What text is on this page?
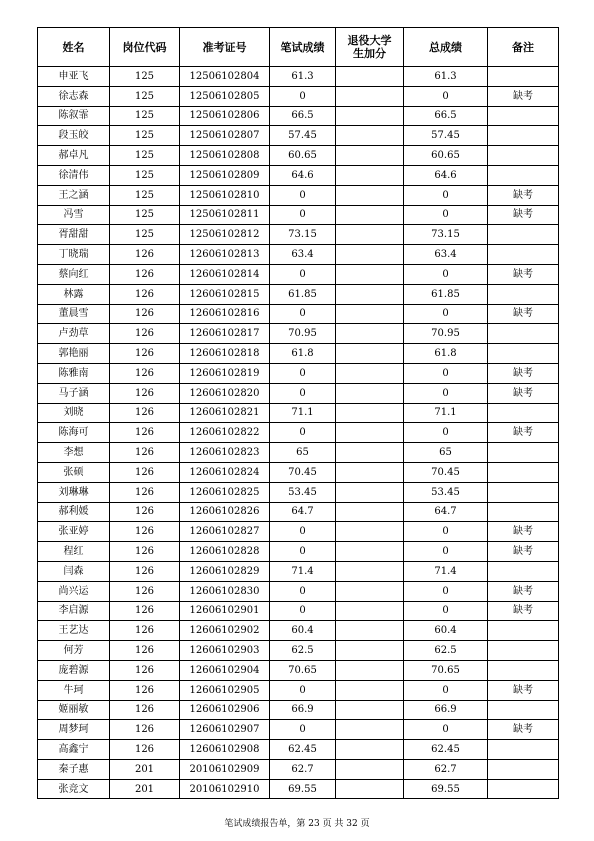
姓名	岗位代码	准考证号	笔试成绩	退役大学生加分	总成绩	备注
申亚飞	125	12506102804	61.3		61.3	
徐志森	125	12506102805	0		0	缺考
陈叙霏	125	12506102806	66.5		66.5	
段玉皎	125	12506102807	57.45		57.45	
郝卓凡	125	12506102808	60.65		60.65	
徐清伟	125	12506102809	64.6		64.6	
王之涵	125	12506102810	0		0	缺考
冯雪	125	12506102811	0		0	缺考
胥甜甜	125	12506102812	73.15		73.15	
丁晓瑞	126	12606102813	63.4		63.4	
蔡向红	126	12606102814	0		0	缺考
林露	126	12606102815	61.85		61.85	
董晨雪	126	12606102816	0		0	缺考
卢劲草	126	12606102817	70.95		70.95	
郭艳丽	126	12606102818	61.8		61.8	
陈雅南	126	12606102819	0		0	缺考
马子涵	126	12606102820	0		0	缺考
刘晓	126	12606102821	71.1		71.1	
陈海可	126	12606102822	0		0	缺考
李想	126	12606102823	65		65	
张硕	126	12606102824	70.45		70.45	
刘琳琳	126	12606102825	53.45		53.45	
郝利媛	126	12606102826	64.7		64.7	
张亚婷	126	12606102827	0		0	缺考
程红	126	12606102828	0		0	缺考
闫森	126	12606102829	71.4		71.4	
尚兴运	126	12606102830	0		0	缺考
李启源	126	12606102901	0		0	缺考
王艺达	126	12606102902	60.4		60.4	
何芳	126	12606102903	62.5		62.5	
庞碧源	126	12606102904	70.65		70.65	
牛珂	126	12606102905	0		0	缺考
姬丽敏	126	12606102906	66.9		66.9	
周梦珂	126	12606102907	0		0	缺考
高鑫宁	126	12606102908	62.45		62.45	
秦子惠	201	20106102909	62.7		62.7	
张竞文	201	20106102910	69.55		69.55	
笔试成绩报告单，第 23 页 共 32 页
